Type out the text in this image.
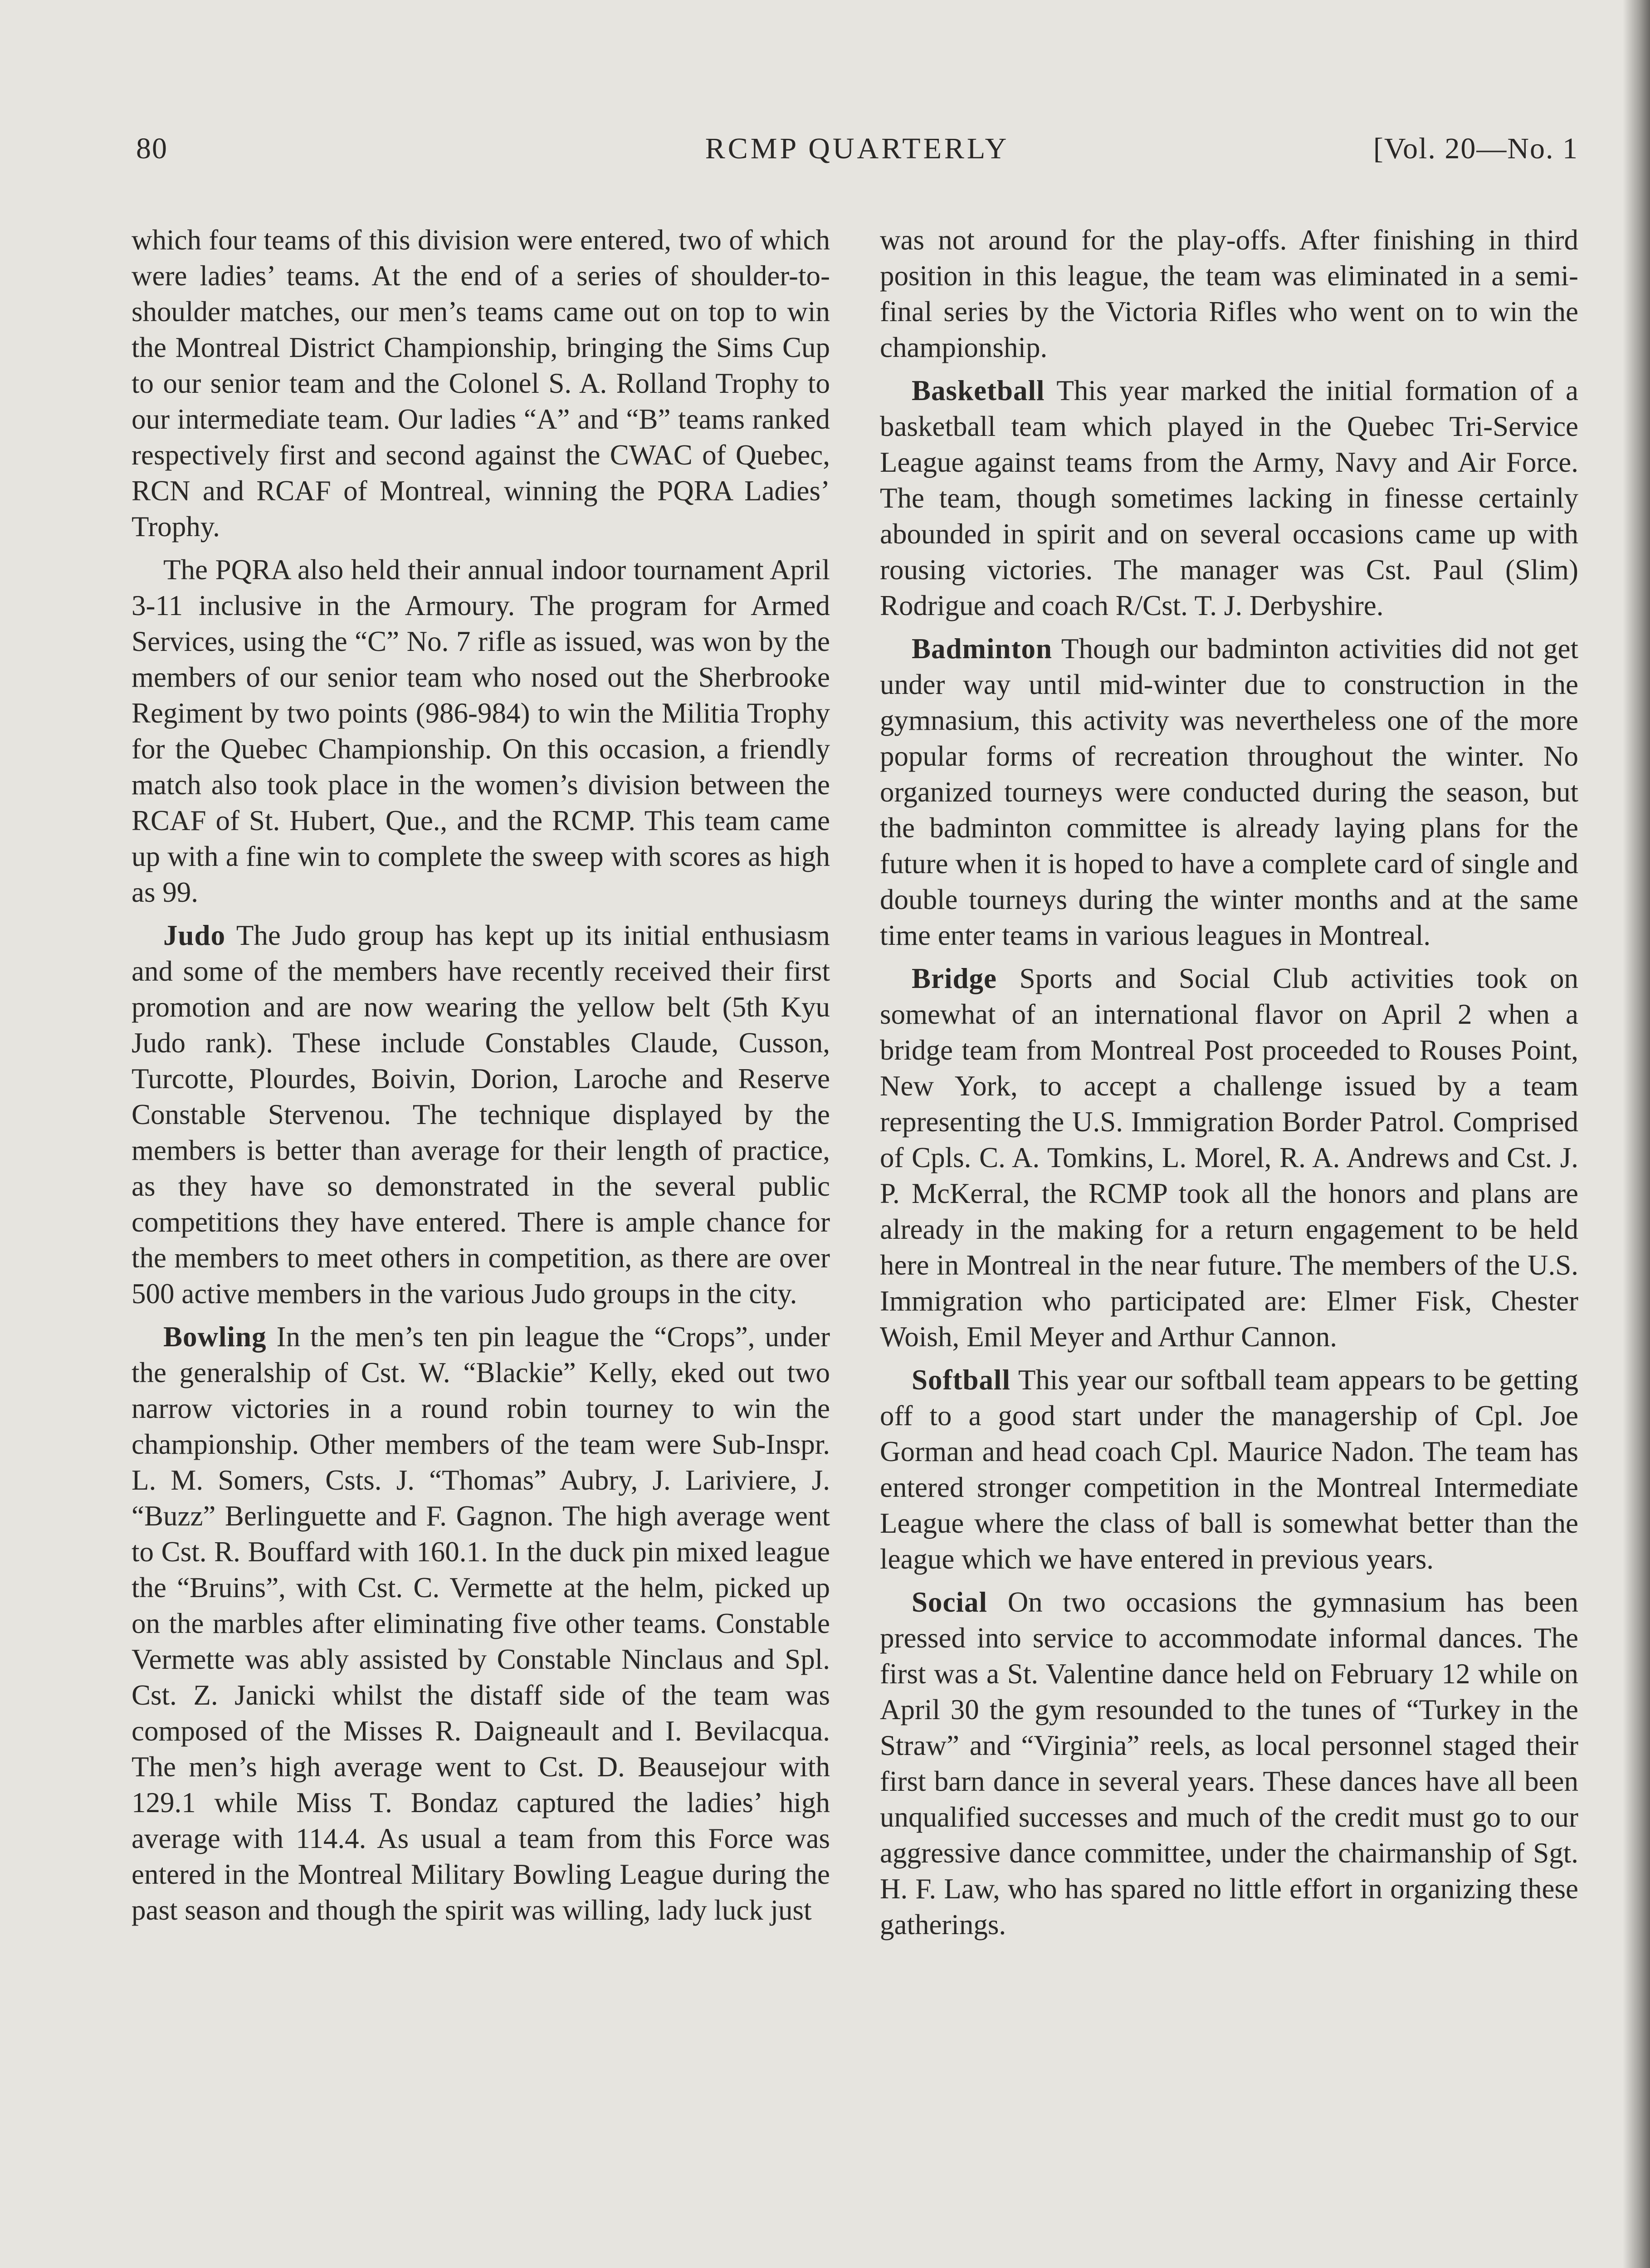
80	RCMP QUARTERLY	[Vol. 20—No. 1

which four teams of this division were entered, two of which were ladies’ teams. At the end of a series of shoulder-to-shoulder matches, our men’s teams came out on top to win the Montreal District Championship, bringing the Sims Cup to our senior team and the Colonel S. A. Rolland Trophy to our intermediate team. Our ladies “A” and “B” teams ranked respectively first and second against the CWAC of Quebec, RCN and RCAF of Montreal, winning the PQRA Ladies’ Trophy.

The PQRA also held their annual indoor tournament April 3-11 inclusive in the Armoury. The program for Armed Services, using the “C” No. 7 rifle as issued, was won by the members of our senior team who nosed out the Sherbrooke Regiment by two points (986-984) to win the Militia Trophy for the Quebec Championship. On this occasion, a friendly match also took place in the women’s division between the RCAF of St. Hubert, Que., and the RCMP. This team came up with a fine win to complete the sweep with scores as high as 99.

Judo The Judo group has kept up its initial enthusiasm and some of the members have recently received their first promotion and are now wearing the yellow belt (5th Kyu Judo rank). These include Constables Claude, Cusson, Turcotte, Plourdes, Boivin, Dorion, Laroche and Reserve Constable Stervenou. The technique displayed by the members is better than average for their length of practice, as they have so demonstrated in the several public competitions they have entered. There is ample chance for the members to meet others in competition, as there are over 500 active members in the various Judo groups in the city.

Bowling In the men’s ten pin league the “Crops”, under the generalship of Cst. W. “Blackie” Kelly, eked out two narrow victories in a round robin tourney to win the championship. Other members of the team were Sub-Inspr. L. M. Somers, Csts. J. “Thomas” Aubry, J. Lariviere, J. “Buzz” Berlinguette and F. Gagnon. The high average went to Cst. R. Bouffard with 160.1. In the duck pin mixed league the “Bruins”, with Cst. C. Vermette at the helm, picked up on the marbles after eliminating five other teams. Constable Vermette was ably assisted by Constable Ninclaus and Spl. Cst. Z. Janicki whilst the distaff side of the team was composed of the Misses R. Daigneault and I. Bevilacqua. The men’s high average went to Cst. D. Beausejour with 129.1 while Miss T. Bondaz captured the ladies’ high average with 114.4. As usual a team from this Force was entered in the Montreal Military Bowling League during the past season and though the spirit was willing, lady luck just

was not around for the play-offs. After finishing in third position in this league, the team was eliminated in a semi-final series by the Victoria Rifles who went on to win the championship.

Basketball This year marked the initial formation of a basketball team which played in the Quebec Tri-Service League against teams from the Army, Navy and Air Force. The team, though sometimes lacking in finesse certainly abounded in spirit and on several occasions came up with rousing victories. The manager was Cst. Paul (Slim) Rodrigue and coach R/Cst. T. J. Derbyshire.

Badminton Though our badminton activities did not get under way until mid-winter due to construction in the gymnasium, this activity was nevertheless one of the more popular forms of recreation throughout the winter. No organized tourneys were conducted during the season, but the badminton committee is already laying plans for the future when it is hoped to have a complete card of single and double tourneys during the winter months and at the same time enter teams in various leagues in Montreal.

Bridge Sports and Social Club activities took on somewhat of an international flavor on April 2 when a bridge team from Montreal Post proceeded to Rouses Point, New York, to accept a challenge issued by a team representing the U.S. Immigration Border Patrol. Comprised of Cpls. C. A. Tomkins, L. Morel, R. A. Andrews and Cst. J. P. McKerral, the RCMP took all the honors and plans are already in the making for a return engagement to be held here in Montreal in the near future. The members of the U.S. Immigration who participated are: Elmer Fisk, Chester Woish, Emil Meyer and Arthur Cannon.

Softball This year our softball team appears to be getting off to a good start under the managership of Cpl. Joe Gorman and head coach Cpl. Maurice Nadon. The team has entered stronger competition in the Montreal Intermediate League where the class of ball is somewhat better than the league which we have entered in previous years.

Social On two occasions the gymnasium has been pressed into service to accommodate informal dances. The first was a St. Valentine dance held on February 12 while on April 30 the gym resounded to the tunes of “Turkey in the Straw” and “Virginia” reels, as local personnel staged their first barn dance in several years. These dances have all been unqualified successes and much of the credit must go to our aggressive dance committee, under the chairmanship of Sgt. H. F. Law, who has spared no little effort in organizing these gatherings.
